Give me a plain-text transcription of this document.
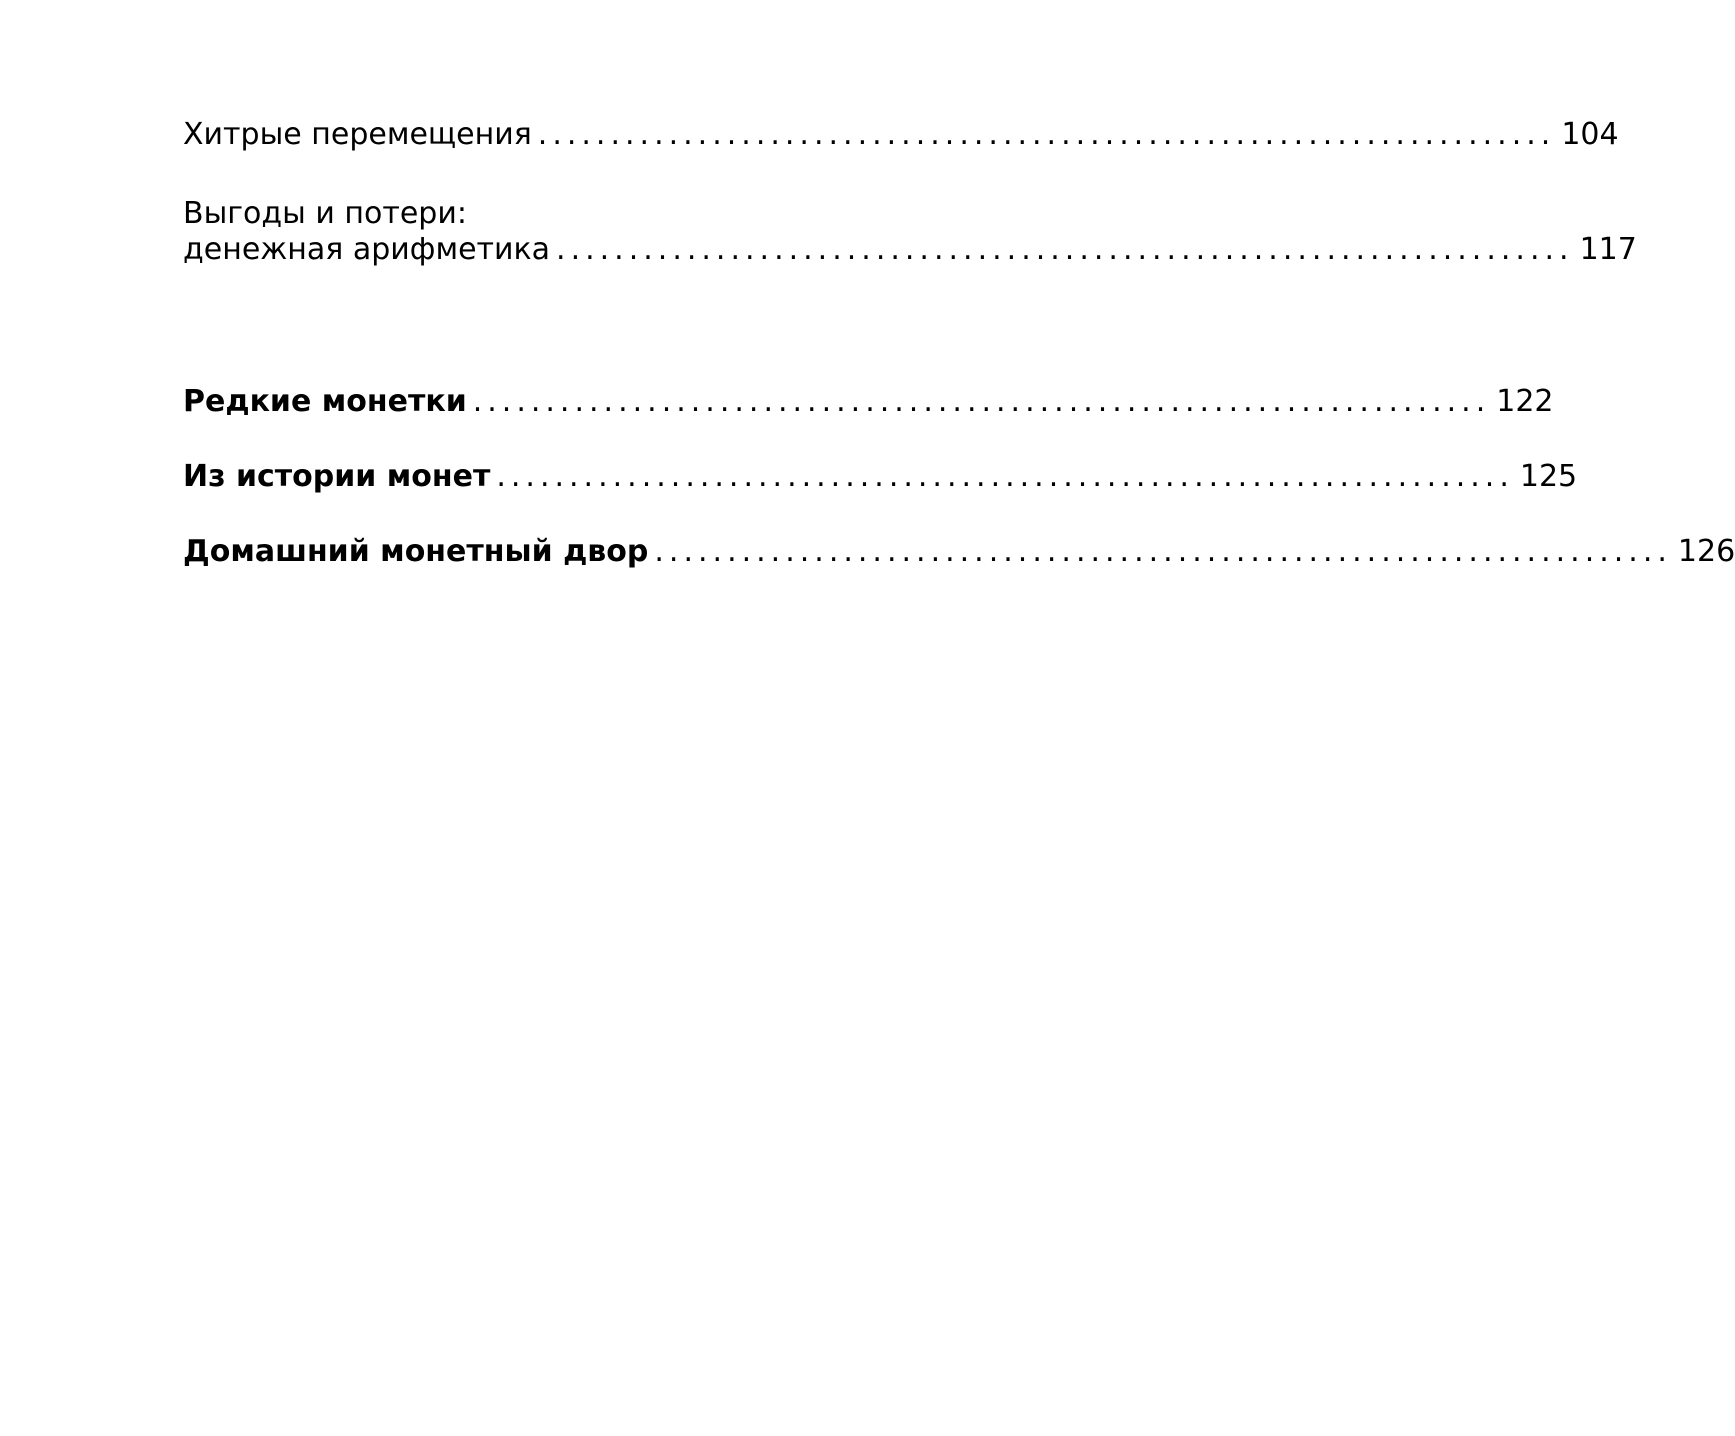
Хитрые перемещения ...................................................................... 104
Выгоды и потери:
денежная арифметика ...................................................................... 117
Редкие монетки ...................................................................... 122
Из истории монет ...................................................................... 125
Домашний монетный двор ...................................................................... 126
